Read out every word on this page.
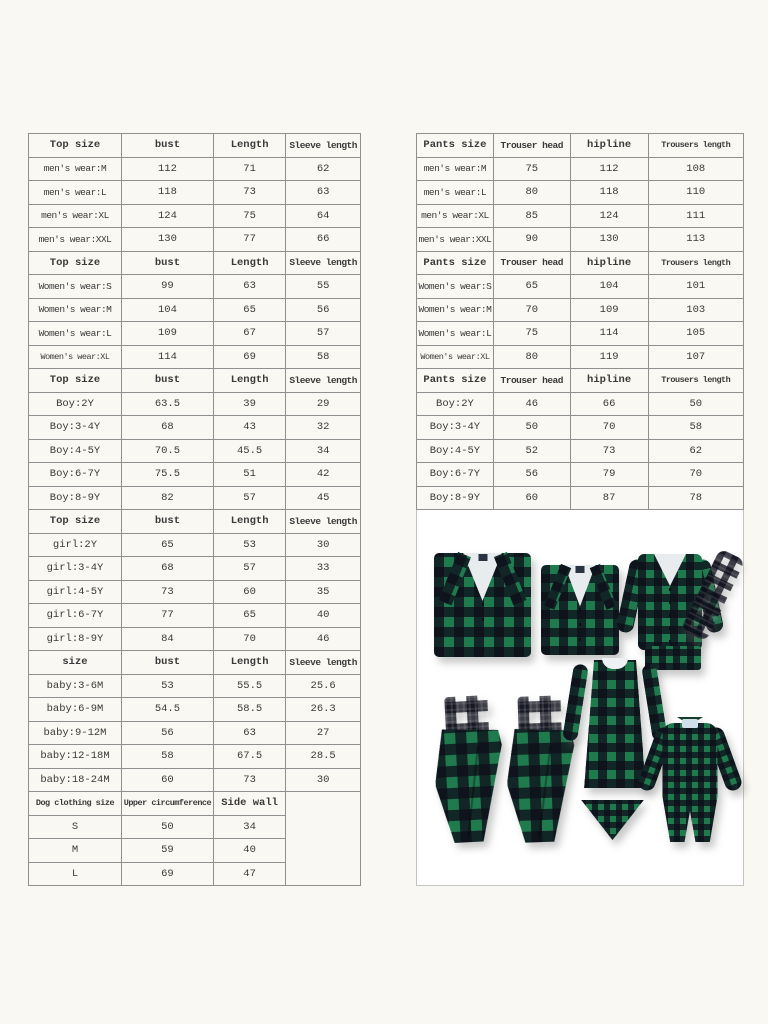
Top size	bust	Length	Sleeve length
men's wear:M	112	71	62
men's wear:L	118	73	63
men's wear:XL	124	75	64
men's wear:XXL	130	77	66
Top size	bust	Length	Sleeve length
Women's wear:S	99	63	55
Women's wear:M	104	65	56
Women's wear:L	109	67	57
Women's wear:XL	114	69	58
Top size	bust	Length	Sleeve length
Boy:2Y	63.5	39	29
Boy:3-4Y	68	43	32
Boy:4-5Y	70.5	45.5	34
Boy:6-7Y	75.5	51	42
Boy:8-9Y	82	57	45
Top size	bust	Length	Sleeve length
girl:2Y	65	53	30
girl:3-4Y	68	57	33
girl:4-5Y	73	60	35
girl:6-7Y	77	65	40
girl:8-9Y	84	70	46
size	bust	Length	Sleeve length
baby:3-6M	53	55.5	25.6
baby:6-9M	54.5	58.5	26.3
baby:9-12M	56	63	27
baby:12-18M	58	67.5	28.5
baby:18-24M	60	73	30
Dog clothing size	Upper circumference	Side wall	
S	50	34	
M	59	40	
L	69	47	
Pants size	Trouser head	hipline	Trousers length
men's wear:M	75	112	108
men's wear:L	80	118	110
men's wear:XL	85	124	111
men's wear:XXL	90	130	113
Pants size	Trouser head	hipline	Trousers length
Women's wear:S	65	104	101
Women's wear:M	70	109	103
Women's wear:L	75	114	105
Women's wear:XL	80	119	107
Pants size	Trouser head	hipline	Trousers length
Boy:2Y	46	66	50
Boy:3-4Y	50	70	58
Boy:4-5Y	52	73	62
Boy:6-7Y	56	79	70
Boy:8-9Y	60	87	78
